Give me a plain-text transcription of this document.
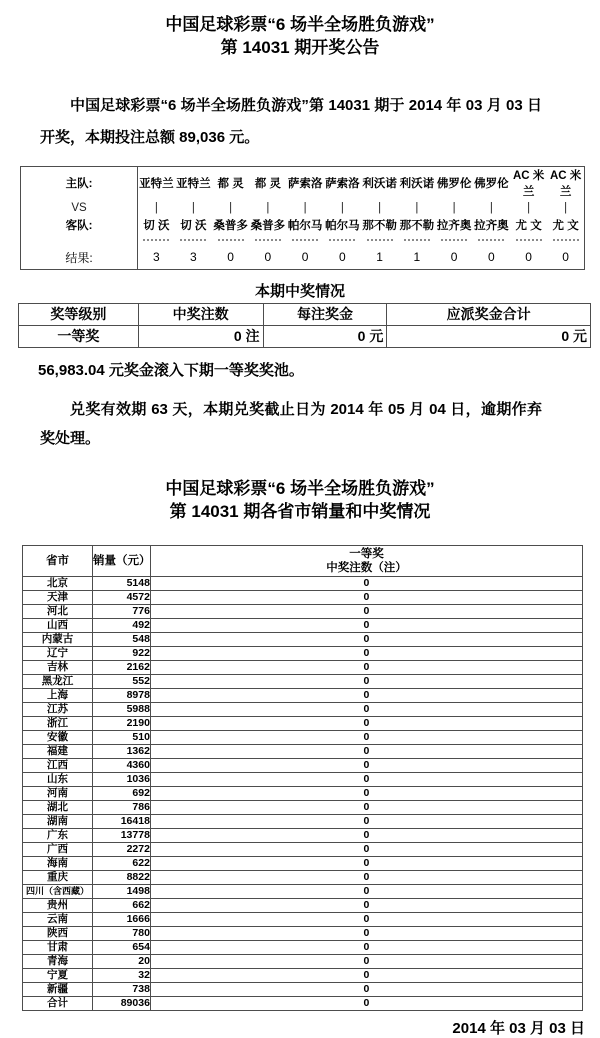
中国足球彩票“6 场半全场胜负游戏”
第 14031 期开奖公告

中国足球彩票“6 场半全场胜负游戏”第 14031 期于 2014 年 03 月 03 日开奖，本期投注总额 89,036 元。

主队:	亚特兰	亚特兰	都 灵	都 灵	萨索洛	萨索洛	利沃诺	利沃诺	佛罗伦	佛罗伦	AC 米兰	AC 米兰
VS	|	|	|	|	|	|	|	|	|	|	|	|
客队:	切 沃	切 沃	桑普多	桑普多	帕尔马	帕尔马	那不勒	那不勒	拉齐奥	拉齐奥	尤 文	尤 文

结果:	3	3	0	0	0	0	1	1	0	0	0	0
本期中奖情况
奖等级别	中奖注数	每注奖金	应派奖金合计
一等奖	0 注	0 元	0 元

56,983.04 元奖金滚入下期一等奖奖池。

兑奖有效期 63 天，本期兑奖截止日为 2014 年 05 月 04 日，逾期作弃奖处理。

中国足球彩票“6 场半全场胜负游戏”
第 14031 期各省市销量和中奖情况
省市	销量（元）	一等奖
中奖注数（注）

北京	5148	0
天津	4572	0
河北	776	0
山西	492	0
内蒙古	548	0
辽宁	922	0
吉林	2162	0
黑龙江	552	0
上海	8978	0
江苏	5988	0
浙江	2190	0
安徽	510	0
福建	1362	0
江西	4360	0
山东	1036	0
河南	692	0
湖北	786	0
湖南	16418	0
广东	13778	0
广西	2272	0
海南	622	0
重庆	8822	0
四川（含西藏）	1498	0
贵州	662	0
云南	1666	0
陕西	780	0
甘肃	654	0
青海	20	0
宁夏	32	0
新疆	738	0
合计	89036	0
2014 年 03 月 03 日
